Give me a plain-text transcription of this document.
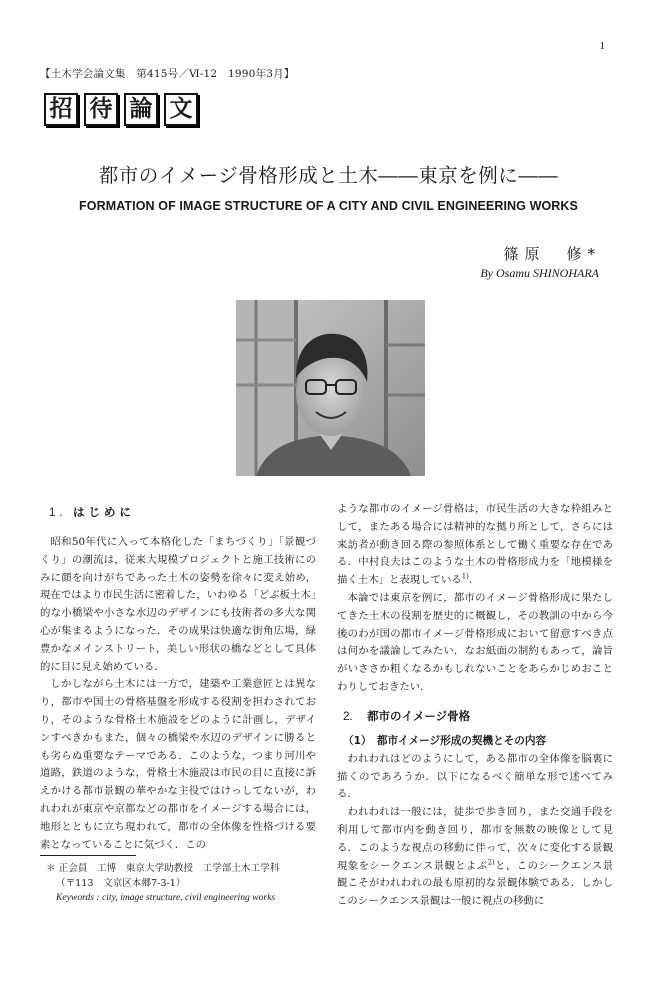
1
【土木学会論文集　第415号／Ⅵ-12　1990年3月】
招 待 論 文
都市のイメージ骨格形成と土木――東京を例に――
FORMATION OF IMAGE STRUCTURE OF A CITY AND CIVIL ENGINEERING WORKS
篠原　修*
By Osamu SHINOHARA
1. はじめに

昭和50年代に入って本格化した「まちづくり」「景観づくり」の潮流は，従来大規模プロジェクトと施工技術にのみに顔を向けがちであった土木の姿勢を徐々に変え始め，現在ではより市民生活に密着した，いわゆる「どぶ板土木」的な小橋梁や小さな水辺のデザインにも技術者の多大な関心が集まるようになった．その成果は快適な街角広場，緑豊かなメインストリート，美しい形状の橋などとして具体的に目に見え始めている．

しかしながら土木には一方で，建築や工業意匠とは異なり，都市や国土の骨格基盤を形成する役割を担わされており，そのような骨格土木施設をどのように計画し，デザインすべきかもまた，個々の橋梁や水辺のデザインに勝るとも劣らぬ重要なテーマである．このような，つまり河川や道路，鉄道のような，骨格土木施設は市民の目に直接に訴えかける都市景観の華やかな主役ではけっしてないが，われわれが東京や京都などの都市をイメージする場合には，地形とともに立ち現われて，都市の全体像を性格づける要素となっていることに気づく．この

ような都市のイメージ骨格は，市民生活の大きな枠組みとして，またある場合には精神的な拠り所として，さらには来訪者が動き回る際の参照体系として働く重要な存在である．中村良夫はこのような土木の骨格形成力を「地模様を描く土木」と表現している$^{1)}$．

本論では東京を例に，都市のイメージ骨格形成に果たしてきた土木の役割を歴史的に概観し，その教訓の中から今後のわが国の都市イメージ骨格形成において留意すべき点は何かを議論してみたい．なお紙面の制約もあって，論旨がいささか粗くなるかもしれないことをあらかじめおことわりしておきたい．

2. 都市のイメージ骨格
（1）　都市イメージ形成の契機とその内容

われわれはどのようにして，ある都市の全体像を脳裏に描くのであろうか．以下になるべく簡単な形で述べてみる．

われわれは一般には，徒歩で歩き回り，また交通手段を利用して都市内を動き回り，都市を無数の映像として見る．このような視点の移動に伴って，次々に変化する景観現象をシークエンス景観とよぶ$^{2)}$と，このシークエンス景観こそがわれわれの最も原初的な景観体験である．しかしこのシークエンス景観は一般に視点の移動に

＊ 正会員　工博　東京大学助教授　工学部土木工学科
（〒113　文京区本郷7-3-1）
Keywords : city, image structure, civil engineering works
